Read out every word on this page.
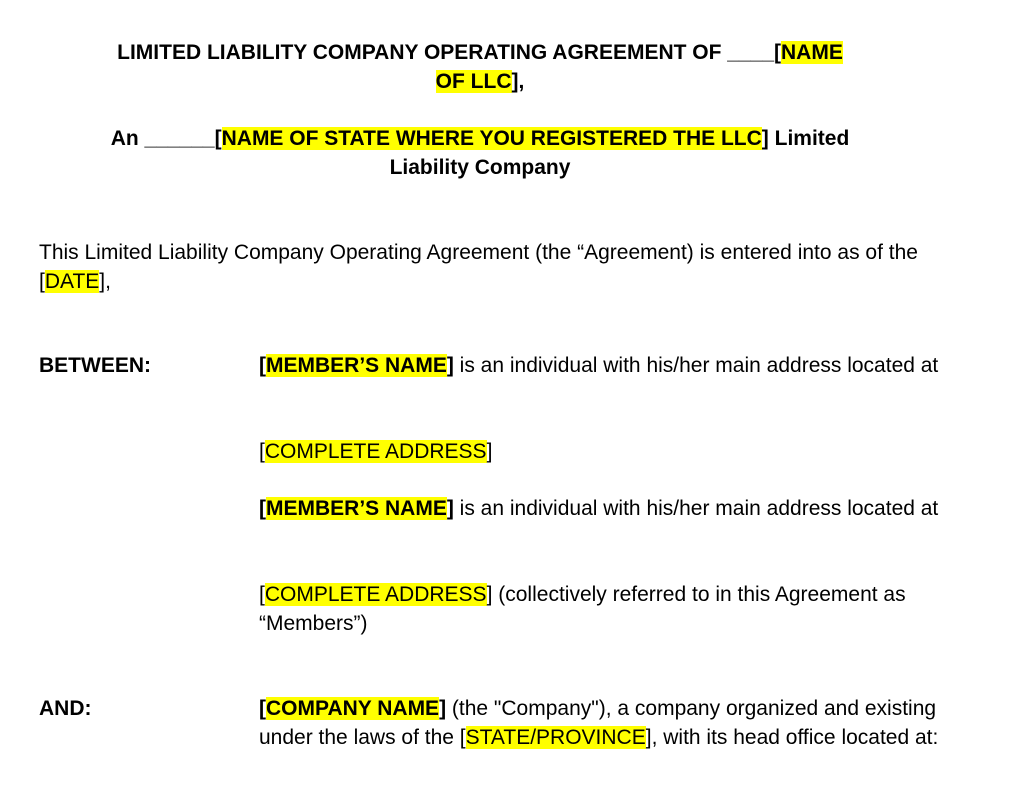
LIMITED LIABILITY COMPANY OPERATING AGREEMENT OF ____[NAME
OF LLC],
An ______[NAME OF STATE WHERE YOU REGISTERED THE LLC] Limited
Liability Company
This Limited Liability Company Operating Agreement (the “Agreement) is entered into as of the [DATE],
BETWEEN:	[MEMBER’S NAME] is an individual with his/her main address located at
[COMPLETE ADDRESS]
[MEMBER’S NAME] is an individual with his/her main address located at
[COMPLETE ADDRESS] (collectively referred to in this Agreement as “Members”)
AND:	[COMPANY NAME] (the "Company"), a company organized and existing under the laws of the [STATE/PROVINCE], with its head office located at:
